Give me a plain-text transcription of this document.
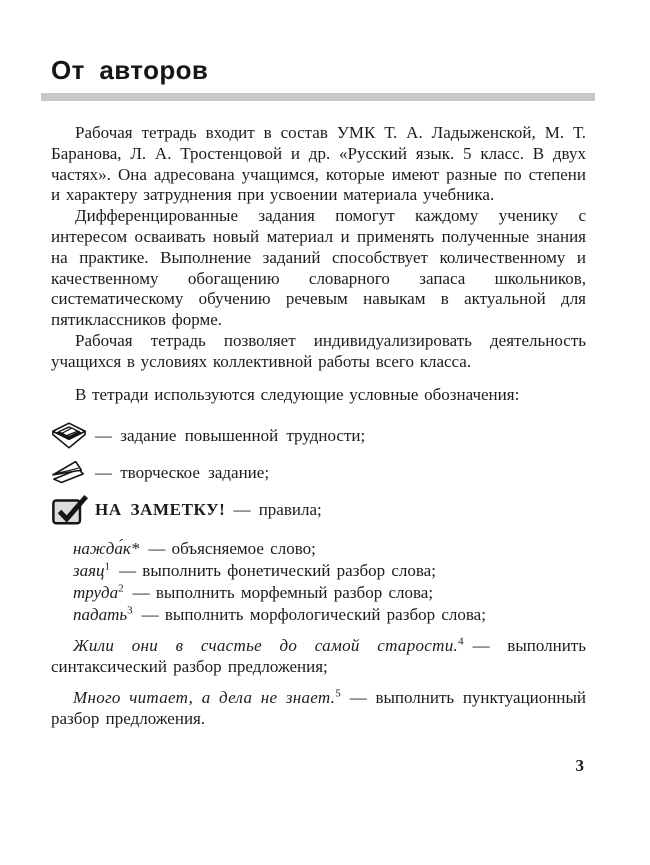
От авторов

Рабочая тетрадь входит в состав УМК Т. А. Ладыженской, М. Т. Баранова, Л. А. Тростенцовой и др. «Русский язык. 5 класс. В двух частях». Она адресована учащимся, которые имеют разные по степени и характеру затруднения при усвоении материала учебника.

Дифференцированные задания помогут каждому ученику с интересом осваивать новый материал и применять полученные знания на практике. Выполнение заданий способствует количественному и качественному обогащению словарного запаса школьников, систематическому обучению речевым навыкам в актуальной для пятиклассников форме.

Рабочая тетрадь позволяет индивидуализировать деятельность учащихся в условиях коллективной работы всего класса.

В тетради используются следующие условные обозначения:

— задание повышенной трудности;
— творческое задание;
НА ЗАМЕТКУ! — правила;
нажда́к* — объясняемое слово;
заяц$^1$ — выполнить фонетический разбор слова;
труда$^2$ — выполнить морфемный разбор слова;
падать$^3$ — выполнить морфологический разбор слова;

Жили они в счастье до самой старости.$^4$ — выполнить синтаксический разбор предложения;

Много читает, а дела не знает.$^5$ — выполнить пунктуационный разбор предложения.

3
